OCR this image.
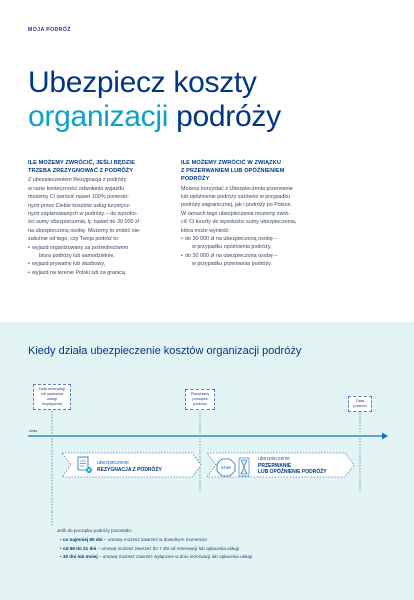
MOJA PODRÓŻ
Ubezpiecz koszty
organizacji podróży
ILE MOŻEMY ZWRÓCIĆ, JEŚLI BĘDZIE
TRZEBA ZREZYGNOWAĆ Z PODRÓŻY

Z ubezpieczeniem Rezygnacja z podróży
w razie konieczności odwołania wyjazdu
możemy Ci zwrócić nawet 100% poniesio-
nych przez Ciebie kosztów usług turystycz-
nych zaplanowanych w podróży – do wysoko-
ści sumy ubezpieczenia, tj. nawet do 30 000 zł
na ubezpieczoną osobę. Możemy to zrobić nie-
zależnie od tego, czy Twoja podróż to:

• wyjazd organizowany za pośrednictwem
biura podróży lub samodzielnie,
• wyjazd prywatny lub służbowy,
• wyjazd na terenie Polski lub za granicą.
ILE MOŻEMY ZWRÓCIĆ W ZWIĄZKU
Z PRZERWANIEM LUB OPÓŹNIENIEM
PODRÓŻY

Możesz korzystać z Ubezpieczenia przerwanie
lub opóźnienie podróży zarówno w przypadku
podróży zagranicznej, jak i podróży po Polsce.
W ramach tego ubezpieczenia możemy zwró-
cić Ci koszty do wysokości sumy ubezpieczenia,
która może wynieść:

• do 30 000 zł na ubezpieczoną osobę –
w przypadku opóźnienia podróży,
• do 30 000 zł na ubezpieczoną osobę –
w przypadku przerwania podróży.
Kiedy działa ubezpieczenie kosztów organizacji podróży
Data rezerwacji
lub opłacenia
usługi
turystycznej
Planowany
początek
podróży
Data
powrotu
czas
ubezpieczenie
REZYGNACJA Z PODRÓŻY	STOP
ubezpieczenie
PRZERWANIE
LUB OPÓŹNIENIE PODRÓŻY
Jeśli do początku podróży pozostało:
• co najmniej 60 dni – umowę możesz zawrzeć w dowolnym momencie
• od 59 do 31 dni – umowę możesz zawrzeć do 7 dni od rezerwacji lub opłacenia usługi
• 30 dni lub mniej – umowę możesz zawrzeć wyłącznie w dniu rezerwacji lub opłacenia usługi
